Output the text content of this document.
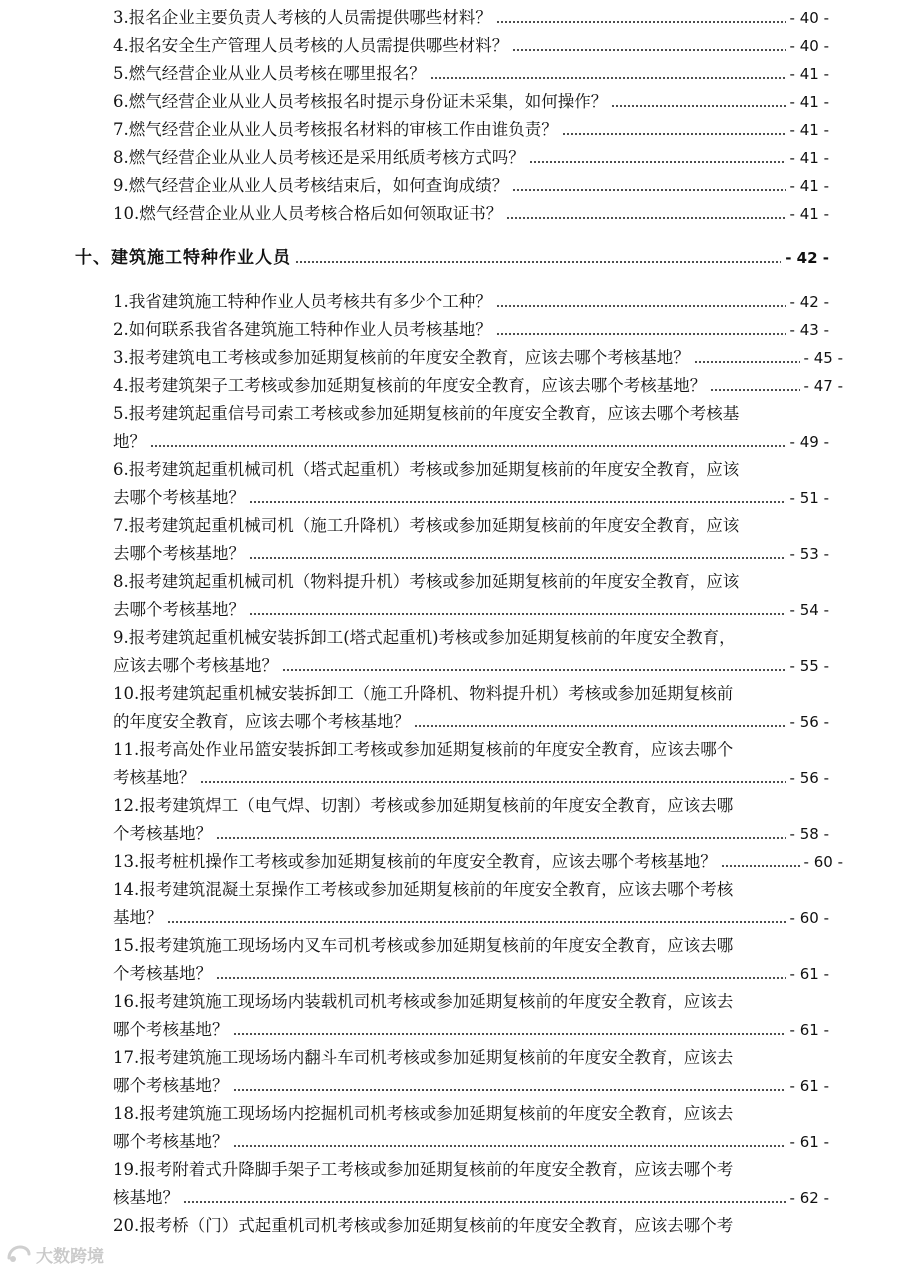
3.报名企业主要负责人考核的人员需提供哪些材料？	- 40 -
4.报名安全生产管理人员考核的人员需提供哪些材料？	- 40 -
5.燃气经营企业从业人员考核在哪里报名？	- 41 -
6.燃气经营企业从业人员考核报名时提示身份证未采集，如何操作？	- 41 -
7.燃气经营企业从业人员考核报名材料的审核工作由谁负责？	- 41 -
8.燃气经营企业从业人员考核还是采用纸质考核方式吗？	- 41 -
9.燃气经营企业从业人员考核结束后，如何查询成绩？	- 41 -
10.燃气经营企业从业人员考核合格后如何领取证书？	- 41 -
十、建筑施工特种作业人员	- 42 -
1.我省建筑施工特种作业人员考核共有多少个工种？	- 42 -
2.如何联系我省各建筑施工特种作业人员考核基地？	- 43 -
3.报考建筑电工考核或参加延期复核前的年度安全教育，应该去哪个考核基地？	- 45 -
4.报考建筑架子工考核或参加延期复核前的年度安全教育，应该去哪个考核基地？	- 47 -
5.报考建筑起重信号司索工考核或参加延期复核前的年度安全教育，应该去哪个考核基
地？	- 49 -
6.报考建筑起重机械司机（塔式起重机）考核或参加延期复核前的年度安全教育，应该
去哪个考核基地？	- 51 -
7.报考建筑起重机械司机（施工升降机）考核或参加延期复核前的年度安全教育，应该
去哪个考核基地？	- 53 -
8.报考建筑起重机械司机（物料提升机）考核或参加延期复核前的年度安全教育，应该
去哪个考核基地？	- 54 -
9.报考建筑起重机械安装拆卸工(塔式起重机)考核或参加延期复核前的年度安全教育，
应该去哪个考核基地？	- 55 -
10.报考建筑起重机械安装拆卸工（施工升降机、物料提升机）考核或参加延期复核前
的年度安全教育，应该去哪个考核基地？	- 56 -
11.报考高处作业吊篮安装拆卸工考核或参加延期复核前的年度安全教育，应该去哪个
考核基地？	- 56 -
12.报考建筑焊工（电气焊、切割）考核或参加延期复核前的年度安全教育，应该去哪
个考核基地？	- 58 -
13.报考桩机操作工考核或参加延期复核前的年度安全教育，应该去哪个考核基地？	- 60 -
14.报考建筑混凝土泵操作工考核或参加延期复核前的年度安全教育，应该去哪个考核
基地？	- 60 -
15.报考建筑施工现场场内叉车司机考核或参加延期复核前的年度安全教育，应该去哪
个考核基地？	- 61 -
16.报考建筑施工现场场内装载机司机考核或参加延期复核前的年度安全教育，应该去
哪个考核基地？	- 61 -
17.报考建筑施工现场场内翻斗车司机考核或参加延期复核前的年度安全教育，应该去
哪个考核基地？	- 61 -
18.报考建筑施工现场场内挖掘机司机考核或参加延期复核前的年度安全教育，应该去
哪个考核基地？	- 61 -
19.报考附着式升降脚手架子工考核或参加延期复核前的年度安全教育，应该去哪个考
核基地？	- 62 -
20.报考桥（门）式起重机司机考核或参加延期复核前的年度安全教育，应该去哪个考
大数跨境
